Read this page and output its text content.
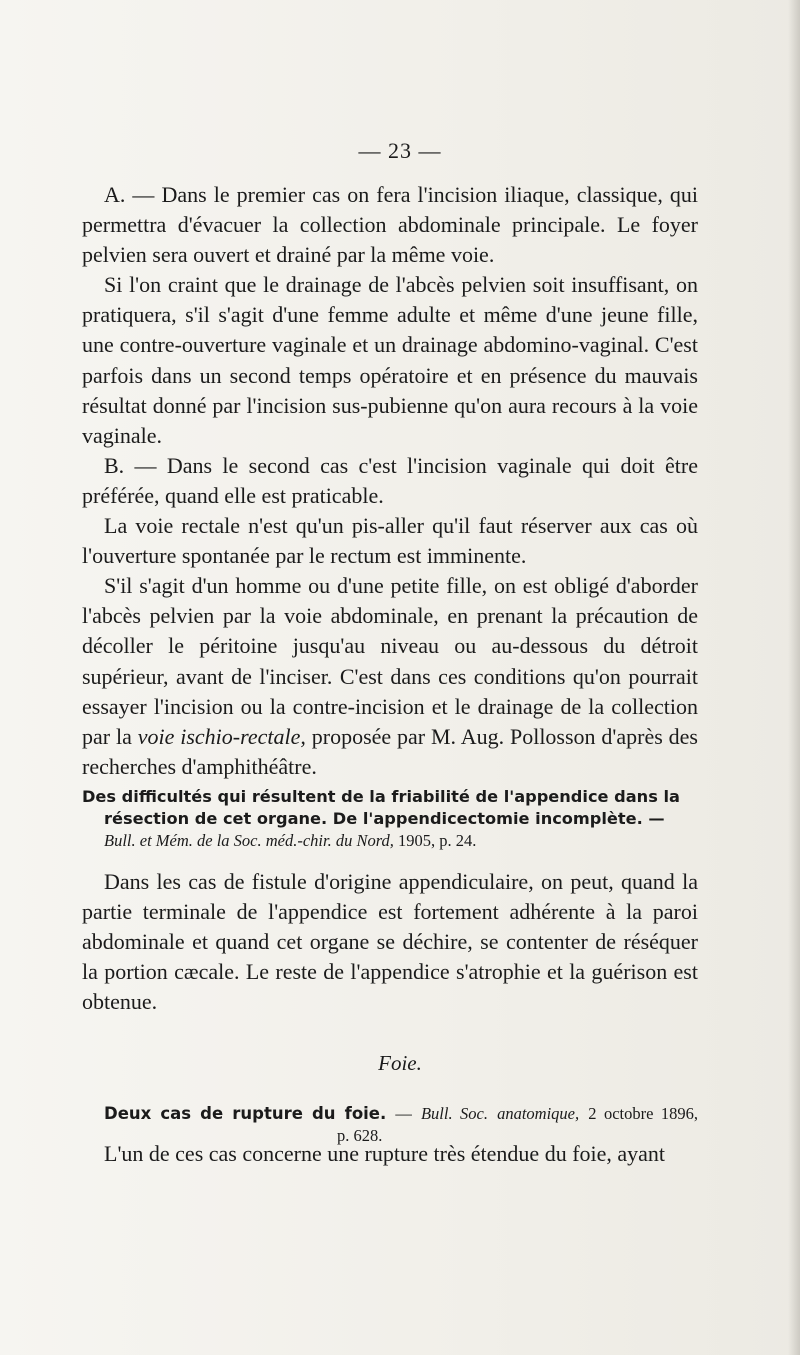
— 23 —

A. — Dans le premier cas on fera l'incision iliaque, classique, qui permettra d'évacuer la collection abdominale principale. Le foyer pelvien sera ouvert et drainé par la même voie.

Si l'on craint que le drainage de l'abcès pelvien soit insuffisant, on pratiquera, s'il s'agit d'une femme adulte et même d'une jeune fille, une contre-ouverture vaginale et un drainage abdomino-vaginal. C'est parfois dans un second temps opératoire et en présence du mauvais résultat donné par l'incision sus-pubienne qu'on aura recours à la voie vaginale.

B. — Dans le second cas c'est l'incision vaginale qui doit être préférée, quand elle est praticable.

La voie rectale n'est qu'un pis-aller qu'il faut réserver aux cas où l'ouverture spontanée par le rectum est imminente.

S'il s'agit d'un homme ou d'une petite fille, on est obligé d'aborder l'abcès pelvien par la voie abdominale, en prenant la précaution de décoller le péritoine jusqu'au niveau ou au-dessous du détroit supérieur, avant de l'inciser. C'est dans ces conditions qu'on pourrait essayer l'incision ou la contre-incision et le drainage de la collection par la voie ischio-rectale, proposée par M. Aug. Pollosson d'après des recherches d'amphithéâtre.

Des difficultés qui résultent de la friabilité de l'appendice dans la
résection de cet organe. De l'appendicectomie incomplète. —
Bull. et Mém. de la Soc. méd.-chir. du Nord, 1905, p. 24.

Dans les cas de fistule d'origine appendiculaire, on peut, quand la partie terminale de l'appendice est fortement adhérente à la paroi abdominale et quand cet organe se déchire, se contenter de réséquer la portion cæcale. Le reste de l'appendice s'atrophie et la guérison est obtenue.

Foie.
Deux cas de rupture du foie. — Bull. Soc. anatomique, 2 octobre 1896,
p. 628.

L'un de ces cas concerne une rupture très étendue du foie, ayant
